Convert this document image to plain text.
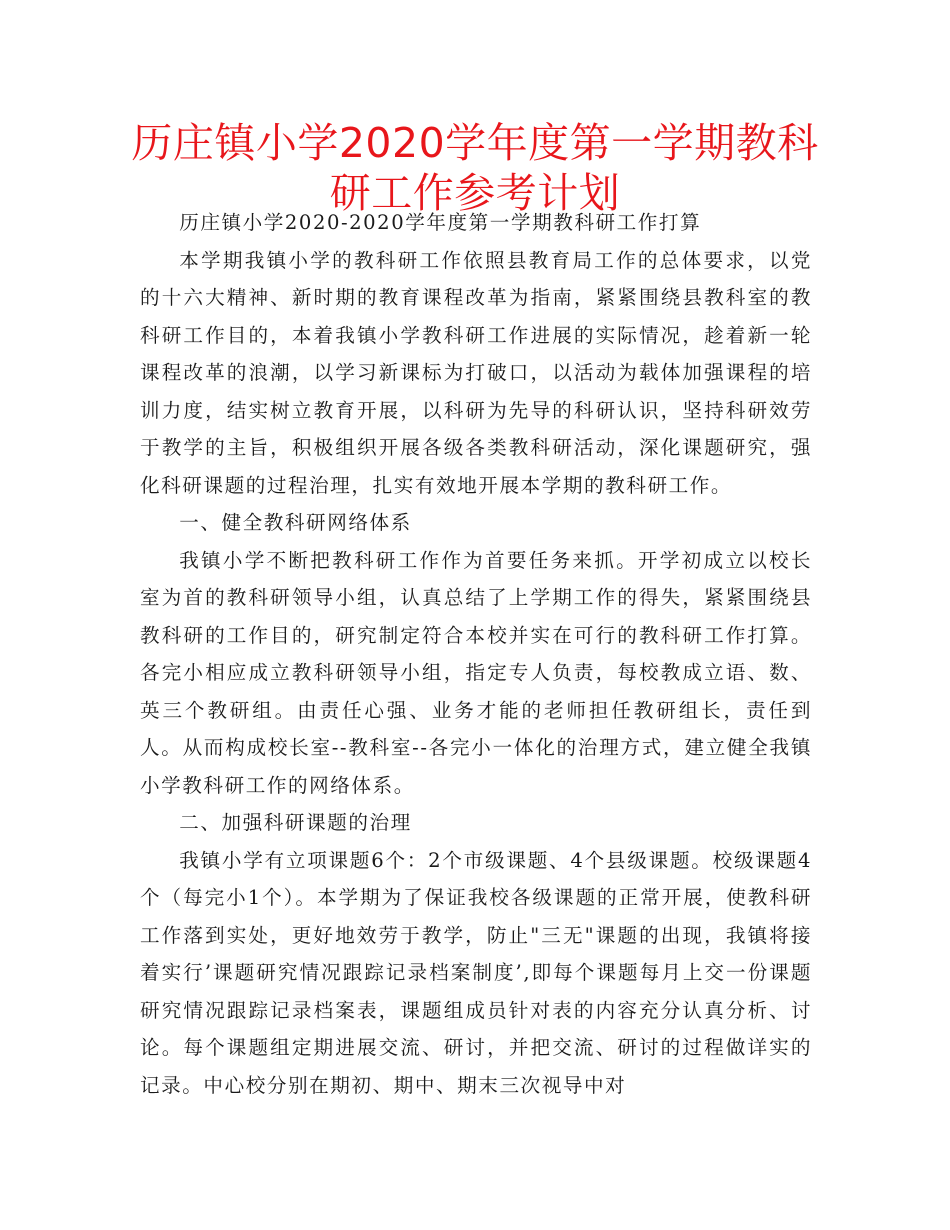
历庄镇小学2020学年度第一学期教科研工作参考计划

历庄镇小学2020-2020学年度第一学期教科研工作打算

本学期我镇小学的教科研工作依照县教育局工作的总体要求，以党的十六大精神、新时期的教育课程改革为指南，紧紧围绕县教科室的教科研工作目的，本着我镇小学教科研工作进展的实际情况，趁着新一轮课程改革的浪潮，以学习新课标为打破口，以活动为载体加强课程的培训力度，结实树立教育开展，以科研为先导的科研认识，坚持科研效劳于教学的主旨，积极组织开展各级各类教科研活动，深化课题研究，强化科研课题的过程治理，扎实有效地开展本学期的教科研工作。

一、健全教科研网络体系

我镇小学不断把教科研工作作为首要任务来抓。开学初成立以校长室为首的教科研领导小组，认真总结了上学期工作的得失，紧紧围绕县教科研的工作目的，研究制定符合本校并实在可行的教科研工作打算。各完小相应成立教科研领导小组，指定专人负责，每校教成立语、数、英三个教研组。由责任心强、业务才能的老师担任教研组长，责任到人。从而构成校长室--教科室--各完小一体化的治理方式，建立健全我镇小学教科研工作的网络体系。

二、加强科研课题的治理

我镇小学有立项课题6个：2个市级课题、4个县级课题。校级课题4个（每完小1个）。本学期为了保证我校各级课题的正常开展，使教科研工作落到实处，更好地效劳于教学，防止"三无"课题的出现，我镇将接着实行’课题研究情况跟踪记录档案制度’,即每个课题每月上交一份课题研究情况跟踪记录档案表，课题组成员针对表的内容充分认真分析、讨论。每个课题组定期进展交流、研讨，并把交流、研讨的过程做详实的记录。中心校分别在期初、期中、期末三次视导中对
